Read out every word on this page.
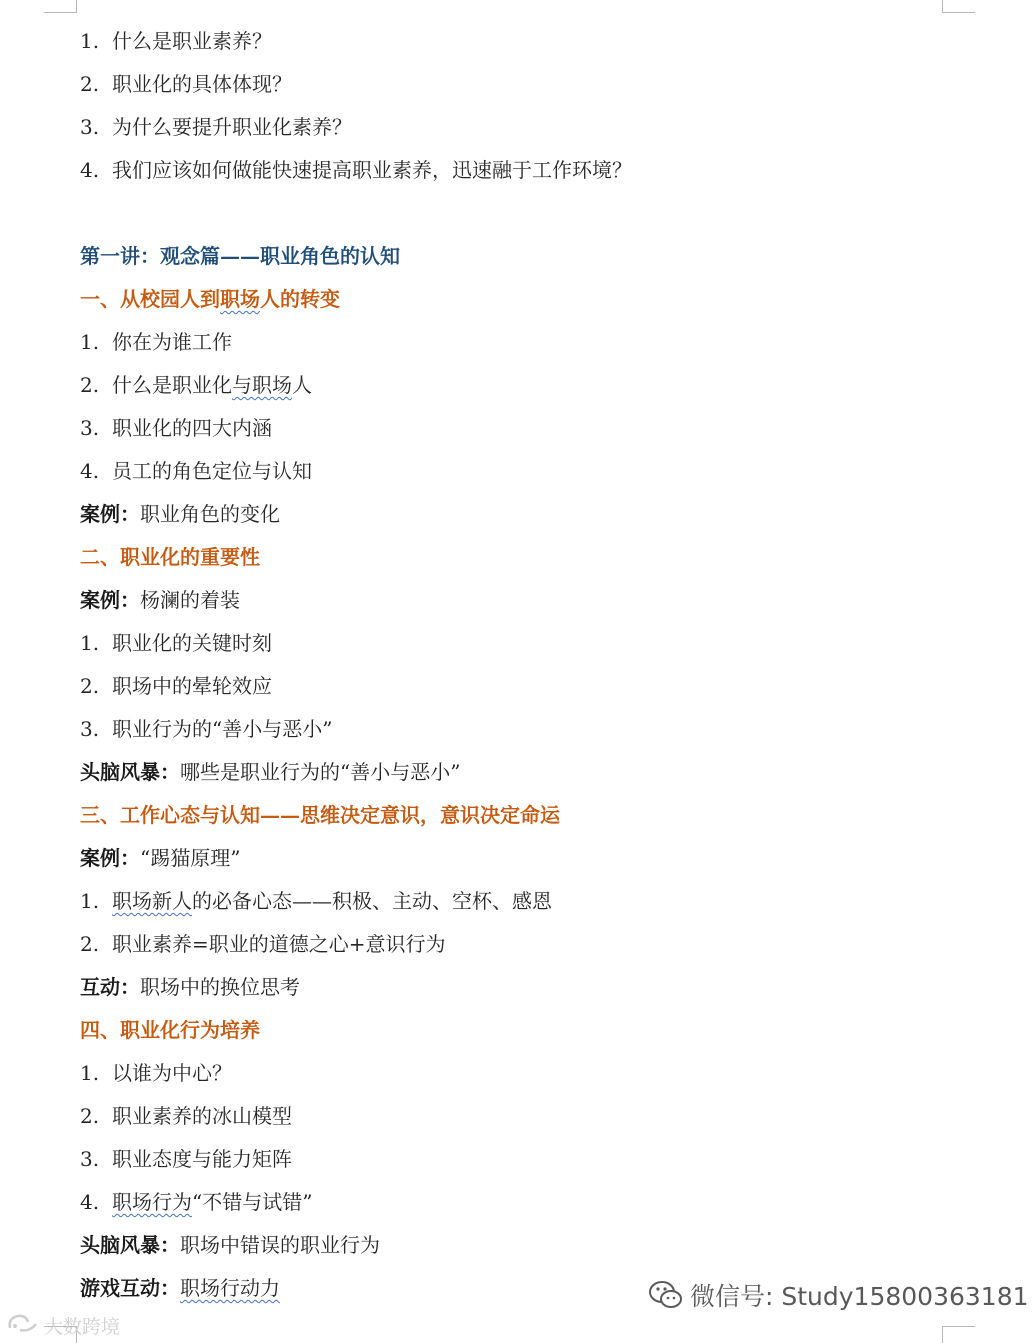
1. 什么是职业素养？
2. 职业化的具体体现？
3. 为什么要提升职业化素养？
4. 我们应该如何做能快速提高职业素养，迅速融于工作环境？
第一讲：观念篇——职业角色的认知
一、从校园人到职场人的转变
1. 你在为谁工作
2. 什么是职业化与职场人
3. 职业化的四大内涵
4. 员工的角色定位与认知
案例：职业角色的变化
二、职业化的重要性
案例：杨澜的着装
1. 职业化的关键时刻
2. 职场中的晕轮效应
3. 职业行为的“善小与恶小”
头脑风暴：哪些是职业行为的“善小与恶小”
三、工作心态与认知——思维决定意识，意识决定命运
案例：“踢猫原理”
1. 职场新人的必备心态——积极、主动、空杯、感恩
2. 职业素养=职业的道德之心+意识行为
互动：职场中的换位思考
四、职业化行为培养
1. 以谁为中心？
2. 职业素养的冰山模型
3. 职业态度与能力矩阵
4. 职场行为“不错与试错”
头脑风暴：职场中错误的职业行为
游戏互动：职场行动力	微信号: Study15800363181
大数跨境
